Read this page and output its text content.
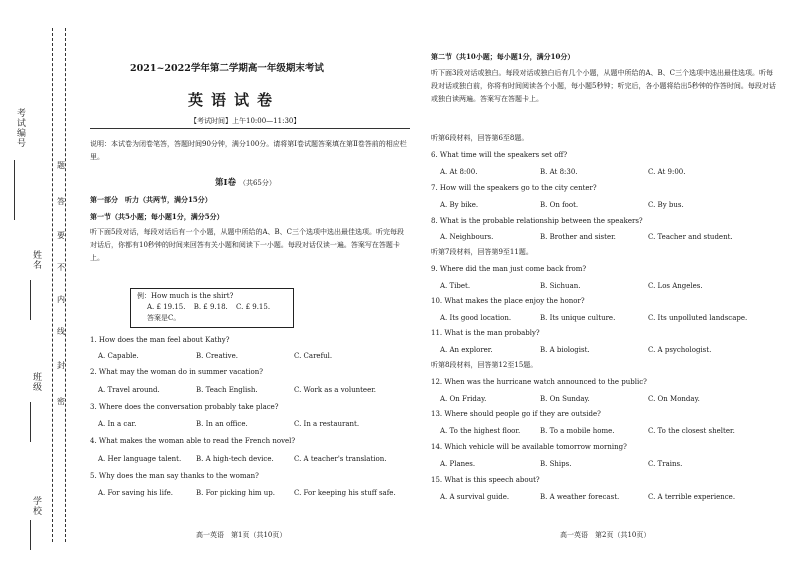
考试编号
姓名
班级
学校
题
答
要
不
内
线
封
密
2021~2022学年第二学期高一年级期末考试
英语试卷
【考试时间】上午10:00—11:30】
说明：本试卷为闭卷笔答，答题时间90分钟，满分100分。请将第Ⅰ卷试题答案填在第Ⅱ卷答前的相应栏里。
第Ⅰ卷 （共65分）
第一部分　听力（共两节，满分15分）
第一节（共5小题；每小题1分，满分5分）
听下面5段对话，每段对话后有一个小题，从题中所给的A、B、C三个选项中选出最佳选项。听完每段对话后，你都有10秒钟的时间来回答有关小题和阅读下一小题。每段对话仅读一遍。答案写在答题卡上。
例：How much is the shirt?
A. £ 19.15. B. £ 9.18. C. £ 9.15.
答案是C。
1. How does the man feel about Kathy?
A. Capable.	B. Creative.	C. Careful.
2. What may the woman do in summer vacation?
A. Travel around.	B. Teach English.	C. Work as a volunteer.
3. Where does the conversation probably take place?
A. In a car.	B. In an office.	C. In a restaurant.
4. What makes the woman able to read the French novel?
A. Her language talent. B. A high-tech device.	C. A teacher's translation.
5. Why does the man say thanks to the woman?
A. For saving his life.	B. For picking him up.	C. For keeping his stuff safe.
高一英语　第1页（共10页）
第二节（共10小题；每小题1分，满分10分）
听下面3段对话或独白。每段对话或独白后有几个小题，从题中所给的A、B、C三个选项中选出最佳选项。听每段对话或独白前，你将有时间阅读各个小题，每小题5秒钟；听完后，各小题将给出5秒钟的作答时间。每段对话或独白读两遍。答案写在答题卡上。
听第6段材料，回答第6至8题。
6. What time will the speakers set off?
A. At 8:00.	B. At 8:30.	C. At 9:00.
7. How will the speakers go to the city center?
A. By bike.	B. On foot.	C. By bus.
8. What is the probable relationship between the speakers?
A. Neighbours.	B. Brother and sister.	C. Teacher and student.
听第7段材料，回答第9至11题。
9. Where did the man just come back from?
A. Tibet.	B. Sichuan.	C. Los Angeles.
10. What makes the place enjoy the honor?
A. Its good location.	B. Its unique culture.	C. Its unpolluted landscape.
11. What is the man probably?
A. An explorer.	B. A biologist.	C. A psychologist.
听第8段材料，回答第12至15题。
12. When was the hurricane watch announced to the public?
A. On Friday.	B. On Sunday.	C. On Monday.
13. Where should people go if they are outside?
A. To the highest floor.	B. To a mobile home.	C. To the closest shelter.
14. Which vehicle will be available tomorrow morning?
A. Planes.	B. Ships.	C. Trains.
15. What is this speech about?
A. A survival guide.	B. A weather forecast.	C. A terrible experience.
高一英语　第2页（共10页）
